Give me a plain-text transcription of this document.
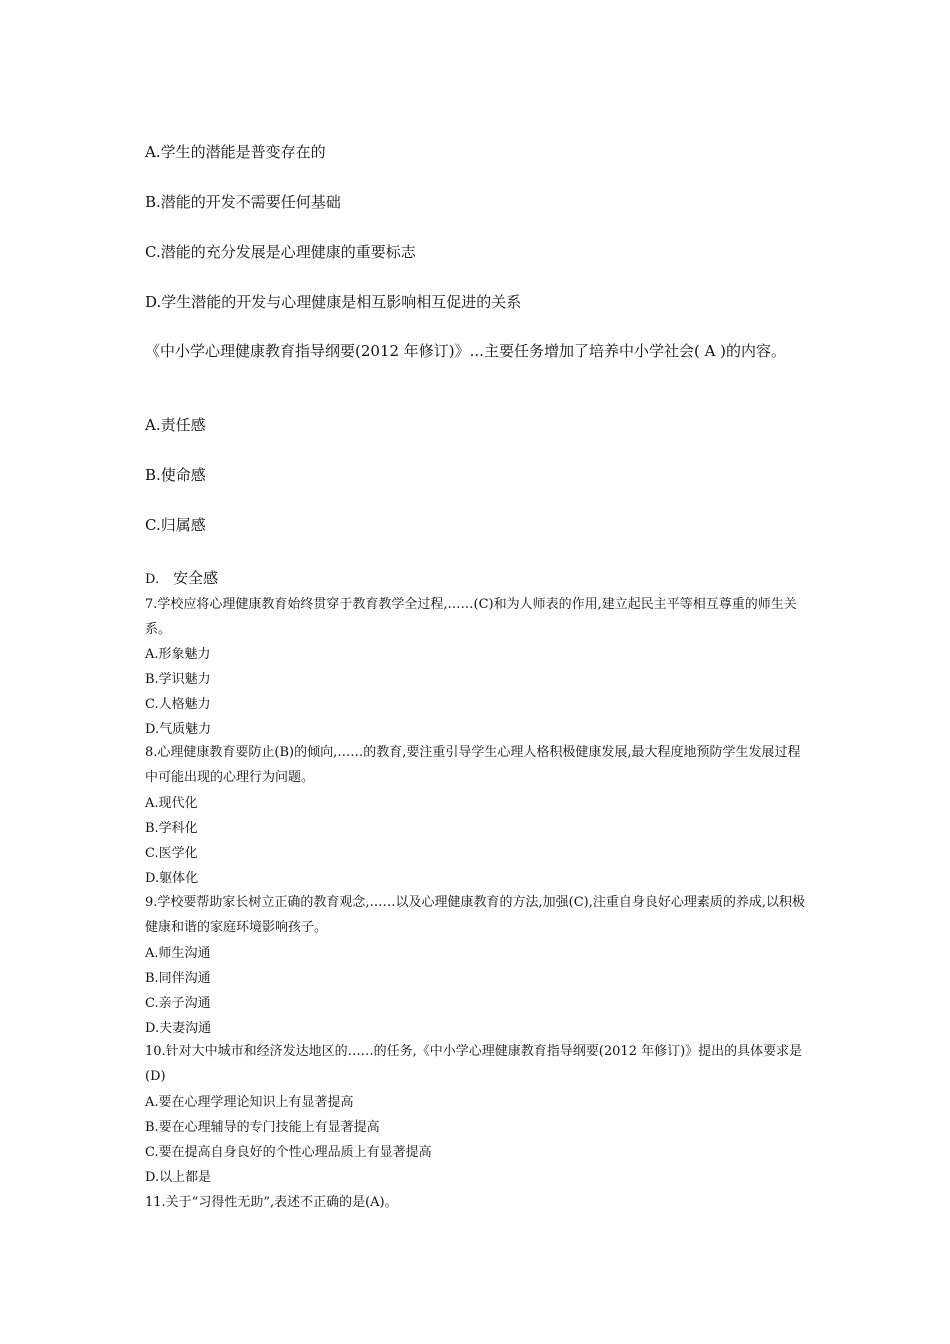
A.学生的潜能是普变存在的

B.潜能的开发不需要任何基础

C.潜能的充分发展是心理健康的重要标志

D.学生潜能的开发与心理健康是相互影响相互促进的关系

《中小学心理健康教育指导纲要(2012 年修订)》...主要任务增加了培养中小学社会( A )的内容。

A.责任感

B.使命感

C.归属感

D. 安全感

7.学校应将心理健康教育始终贯穿于教育教学全过程,……(C)和为人师表的作用,建立起民主平等相互尊重的师生关系。

A.形象魅力

B.学识魅力

C.人格魅力

D.气质魅力

8.心理健康教育要防止(B)的倾向,……的教育,要注重引导学生心理人格积极健康发展,最大程度地预防学生发展过程中可能出现的心理行为问题。

A.现代化

B.学科化

C.医学化

D.躯体化

9.学校要帮助家长树立正确的教育观念,……以及心理健康教育的方法,加强(C),注重自身良好心理素质的养成,以积极健康和谐的家庭环境影响孩子。

A.师生沟通

B.同伴沟通

C.亲子沟通

D.夫妻沟通

10.针对大中城市和经济发达地区的……的任务,《中小学心理健康教育指导纲要(2012 年修订)》提出的具体要求是(D)

A.要在心理学理论知识上有显著提高

B.要在心理辅导的专门技能上有显著提高

C.要在提高自身良好的个性心理品质上有显著提高

D.以上都是

11.关于“习得性无助”,表述不正确的是(A)。
